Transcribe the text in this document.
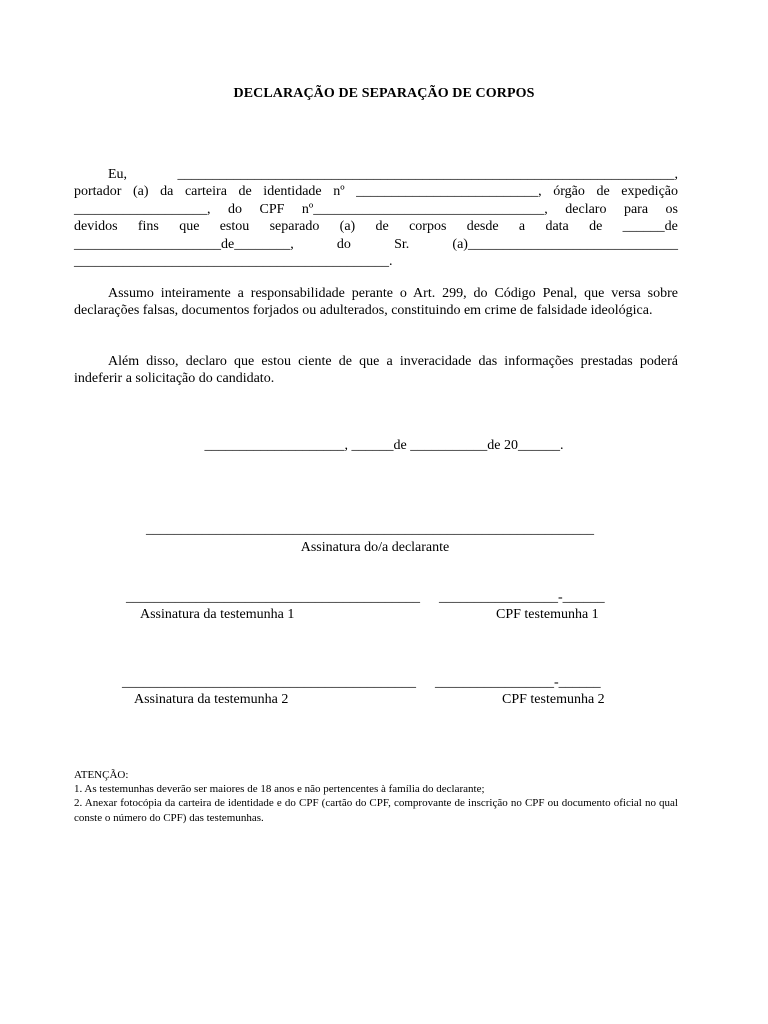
DECLARAÇÃO DE SEPARAÇÃO DE CORPOS
Eu,	_______________________________________________________________________,
portador (a) da carteira de identidade nº __________________________, órgão de expedição
___________________, do CPF nº_________________________________, declaro para os
devidos fins que estou separado (a) de corpos desde a data de ______de
_____________________de________,	do	Sr.	(a)______________________________
_____________________________________________.

Assumo inteiramente a responsabilidade perante o Art. 299, do Código Penal, que versa sobre declarações falsas, documentos forjados ou adulterados, constituindo em crime de falsidade ideológica.

Além disso, declaro que estou ciente de que a inveracidade das informações prestadas poderá indeferir a solicitação do candidato.

____________________, ______de ___________de 20______.
________________________________________________________________
Assinatura do/a declarante
__________________________________________ _________________-______
Assinatura da testemunha 1	CPF testemunha 1
__________________________________________ _________________-______
Assinatura da testemunha 2	CPF testemunha 2

ATENÇÃO:

1. As testemunhas deverão ser maiores de 18 anos e não pertencentes à família do declarante;

2. Anexar fotocópia da carteira de identidade e do CPF (cartão do CPF, comprovante de inscrição no CPF ou documento oficial no qual conste o número do CPF) das testemunhas.
